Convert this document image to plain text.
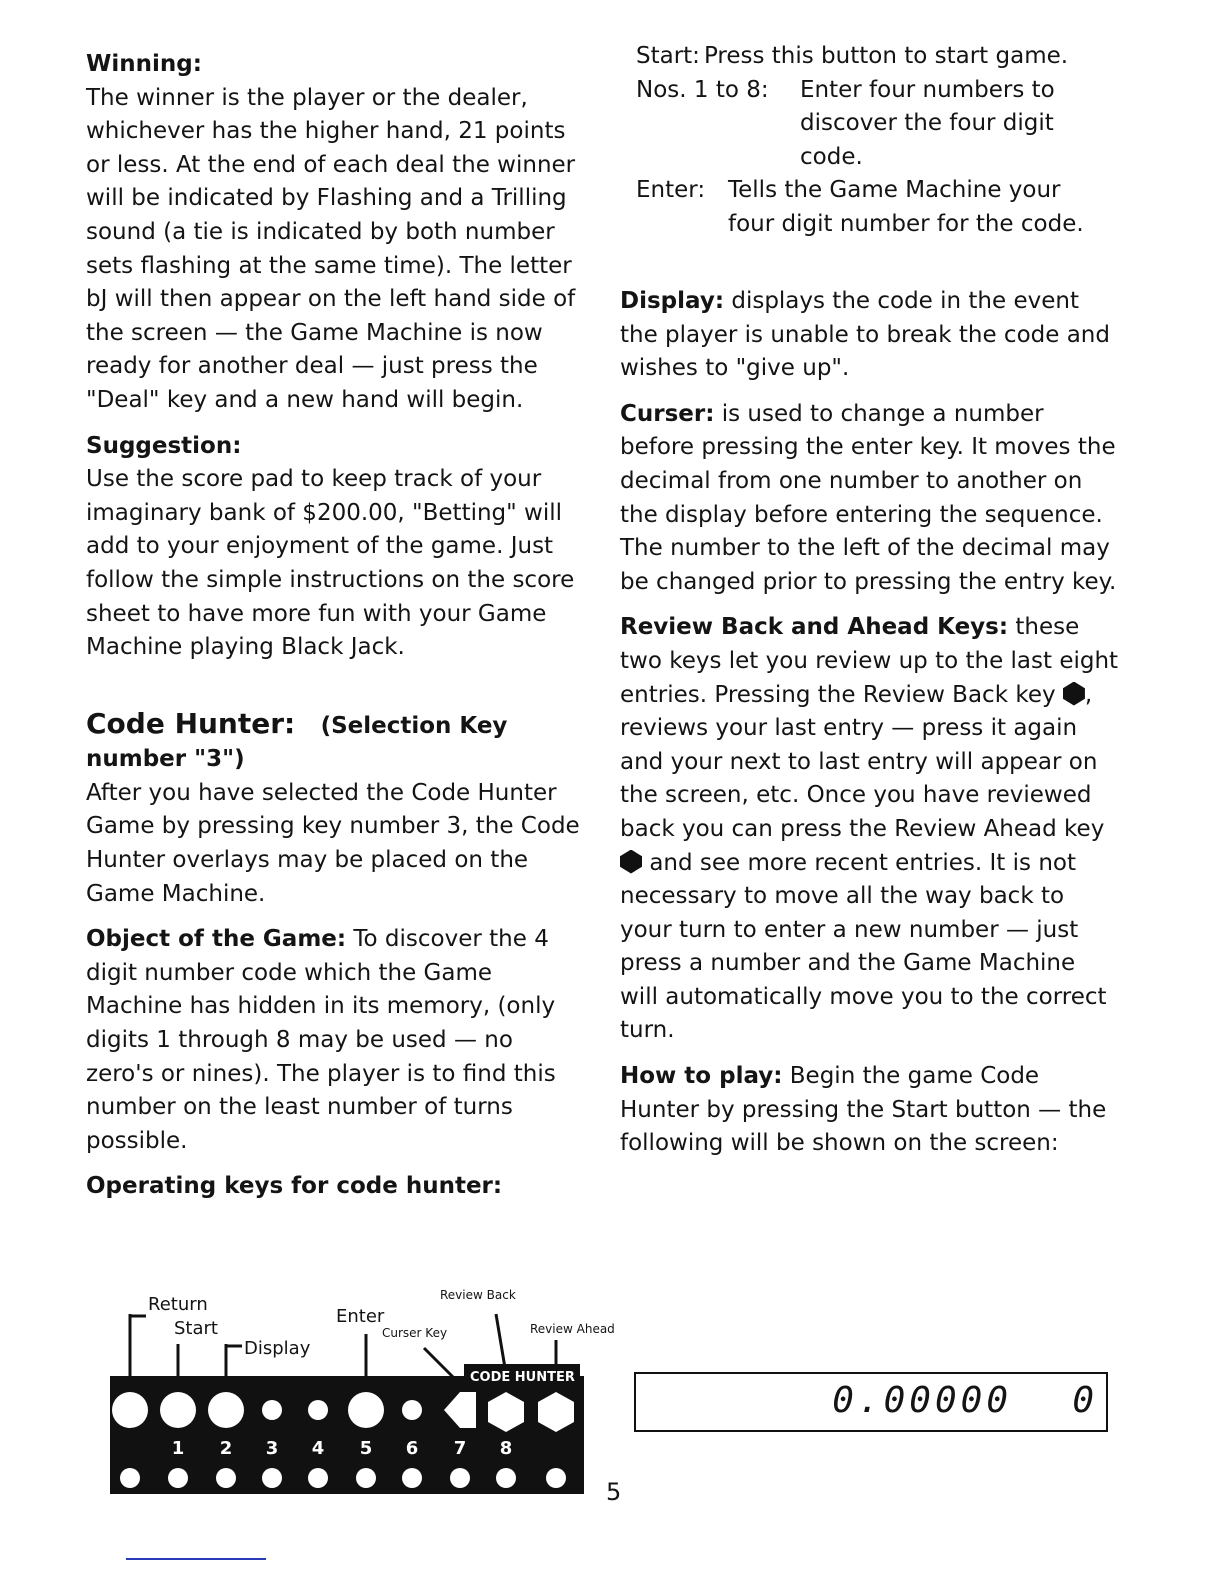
Winning:

The winner is the player or the dealer, whichever has the higher hand, 21 points or less. At the end of each deal the winner will be indicated by Flashing and a Trilling sound (a tie is indicated by both number sets flashing at the same time). The letter bJ will then appear on the left hand side of the screen — the Game Machine is now ready for another deal — just press the "Deal" key and a new hand will begin.

Suggestion:

Use the score pad to keep track of your imaginary bank of $200.00, "Betting" will add to your enjoyment of the game. Just follow the simple instructions on the score sheet to have more fun with your Game Machine playing Black Jack.

Code Hunter: (Selection Key number "3")

After you have selected the Code Hunter Game by pressing key number 3, the Code Hunter overlays may be placed on the Game Machine.

Object of the Game: To discover the 4 digit number code which the Game Machine has hidden in its memory, (only digits 1 through 8 may be used — no zero's or nines). The player is to find this number on the least number of turns possible.

Operating keys for code hunter:

CODE HUNTER
1 2 3 4 5 6 7 8
Return
Start
Display
Enter
Curser Key
Review Back
Review Ahead
Start: Press this button to start game.
Nos. 1 to 8:	Enter four numbers to
discover the four digit
code.
Enter: Tells the Game Machine your
four digit number for the code.

Display: displays the code in the event the player is unable to break the code and wishes to "give up".

Curser: is used to change a number before pressing the enter key. It moves the decimal from one number to another on the display before entering the sequence. The number to the left of the decimal may be changed prior to pressing the entry key.

Review Back and Ahead Keys: these two keys let you review up to the last eight entries. Pressing the Review Back key , reviews your last entry — press it again and your next to last entry will appear on the screen, etc. Once you have reviewed back you can press the Review Ahead key  and see more recent entries. It is not necessary to move all the way back to your turn to enter a new number — just press a number and the Game Machine will automatically move you to the correct turn.

How to play: Begin the game Code Hunter by pressing the Start button — the following will be shown on the screen:

0.00000 0
5
